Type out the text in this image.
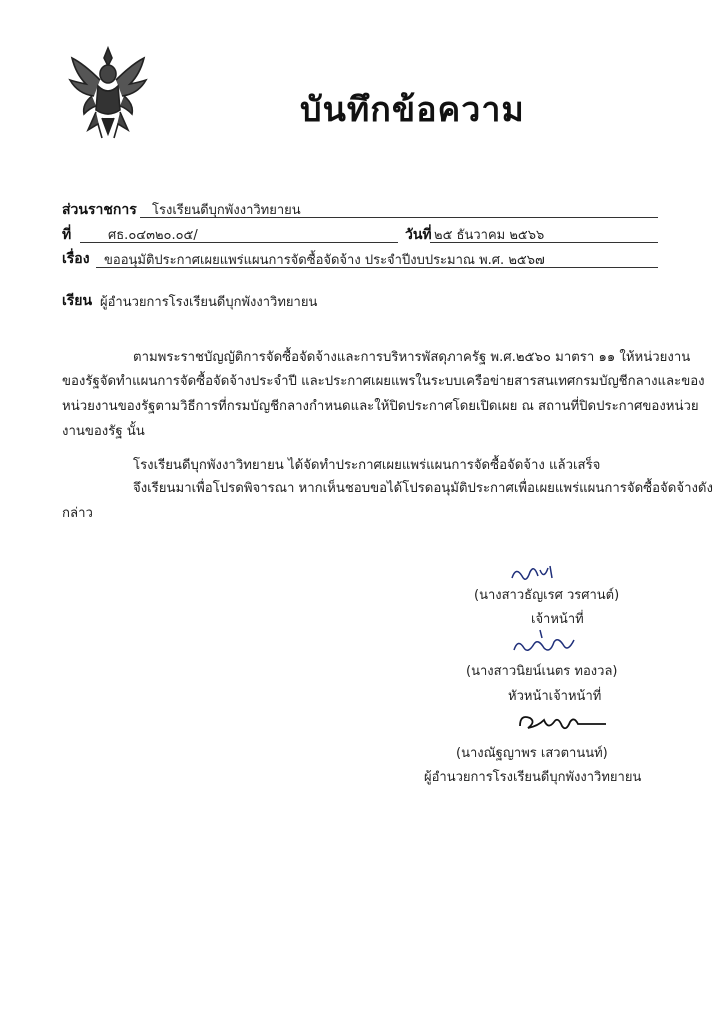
บันทึกข้อความ
ส่วนราชการ โรงเรียนดีบุกพังงาวิทยายน
ที่	ศธ.๐๔๓๒๐.๐๕/	วันที่ ๒๕ ธันวาคม ๒๕๖๖
เรื่อง ขออนุมัติประกาศเผยแพร่แผนการจัดซื้อจัดจ้าง ประจำปีงบประมาณ พ.ศ. ๒๕๖๗
เรียน ผู้อำนวยการโรงเรียนดีบุกพังงาวิทยายน
ตามพระราชบัญญัติการจัดซื้อจัดจ้างและการบริหารพัสดุภาครัฐ พ.ศ.๒๕๖๐ มาตรา ๑๑ ให้หน่วยงาน
ของรัฐจัดทำแผนการจัดซื้อจัดจ้างประจำปี และประกาศเผยแพรในระบบเครือข่ายสารสนเทศกรมบัญชีกลางและของ
หน่วยงานของรัฐตามวิธีการที่กรมบัญชีกลางกำหนดและให้ปิดประกาศโดยเปิดเผย ณ สถานที่ปิดประกาศของหน่วย
งานของรัฐ นั้น
โรงเรียนดีบุกพังงาวิทยายน ได้จัดทำประกาศเผยแพร่แผนการจัดซื้อจัดจ้าง แล้วเสร็จ
จึงเรียนมาเพื่อโปรดพิจารณา หากเห็นชอบขอได้โปรดอนุมัติประกาศเพื่อเผยแพร่แผนการจัดซื้อจัดจ้างดัง
กล่าว
(นางสาวธัญเรศ วรศานต์)
เจ้าหน้าที่
(นางสาวนิยน์เนตร ทองวล)
หัวหน้าเจ้าหน้าที่
(นางณัฐญาพร เสวตานนท์)
ผู้อำนวยการโรงเรียนดีบุกพังงาวิทยายน
